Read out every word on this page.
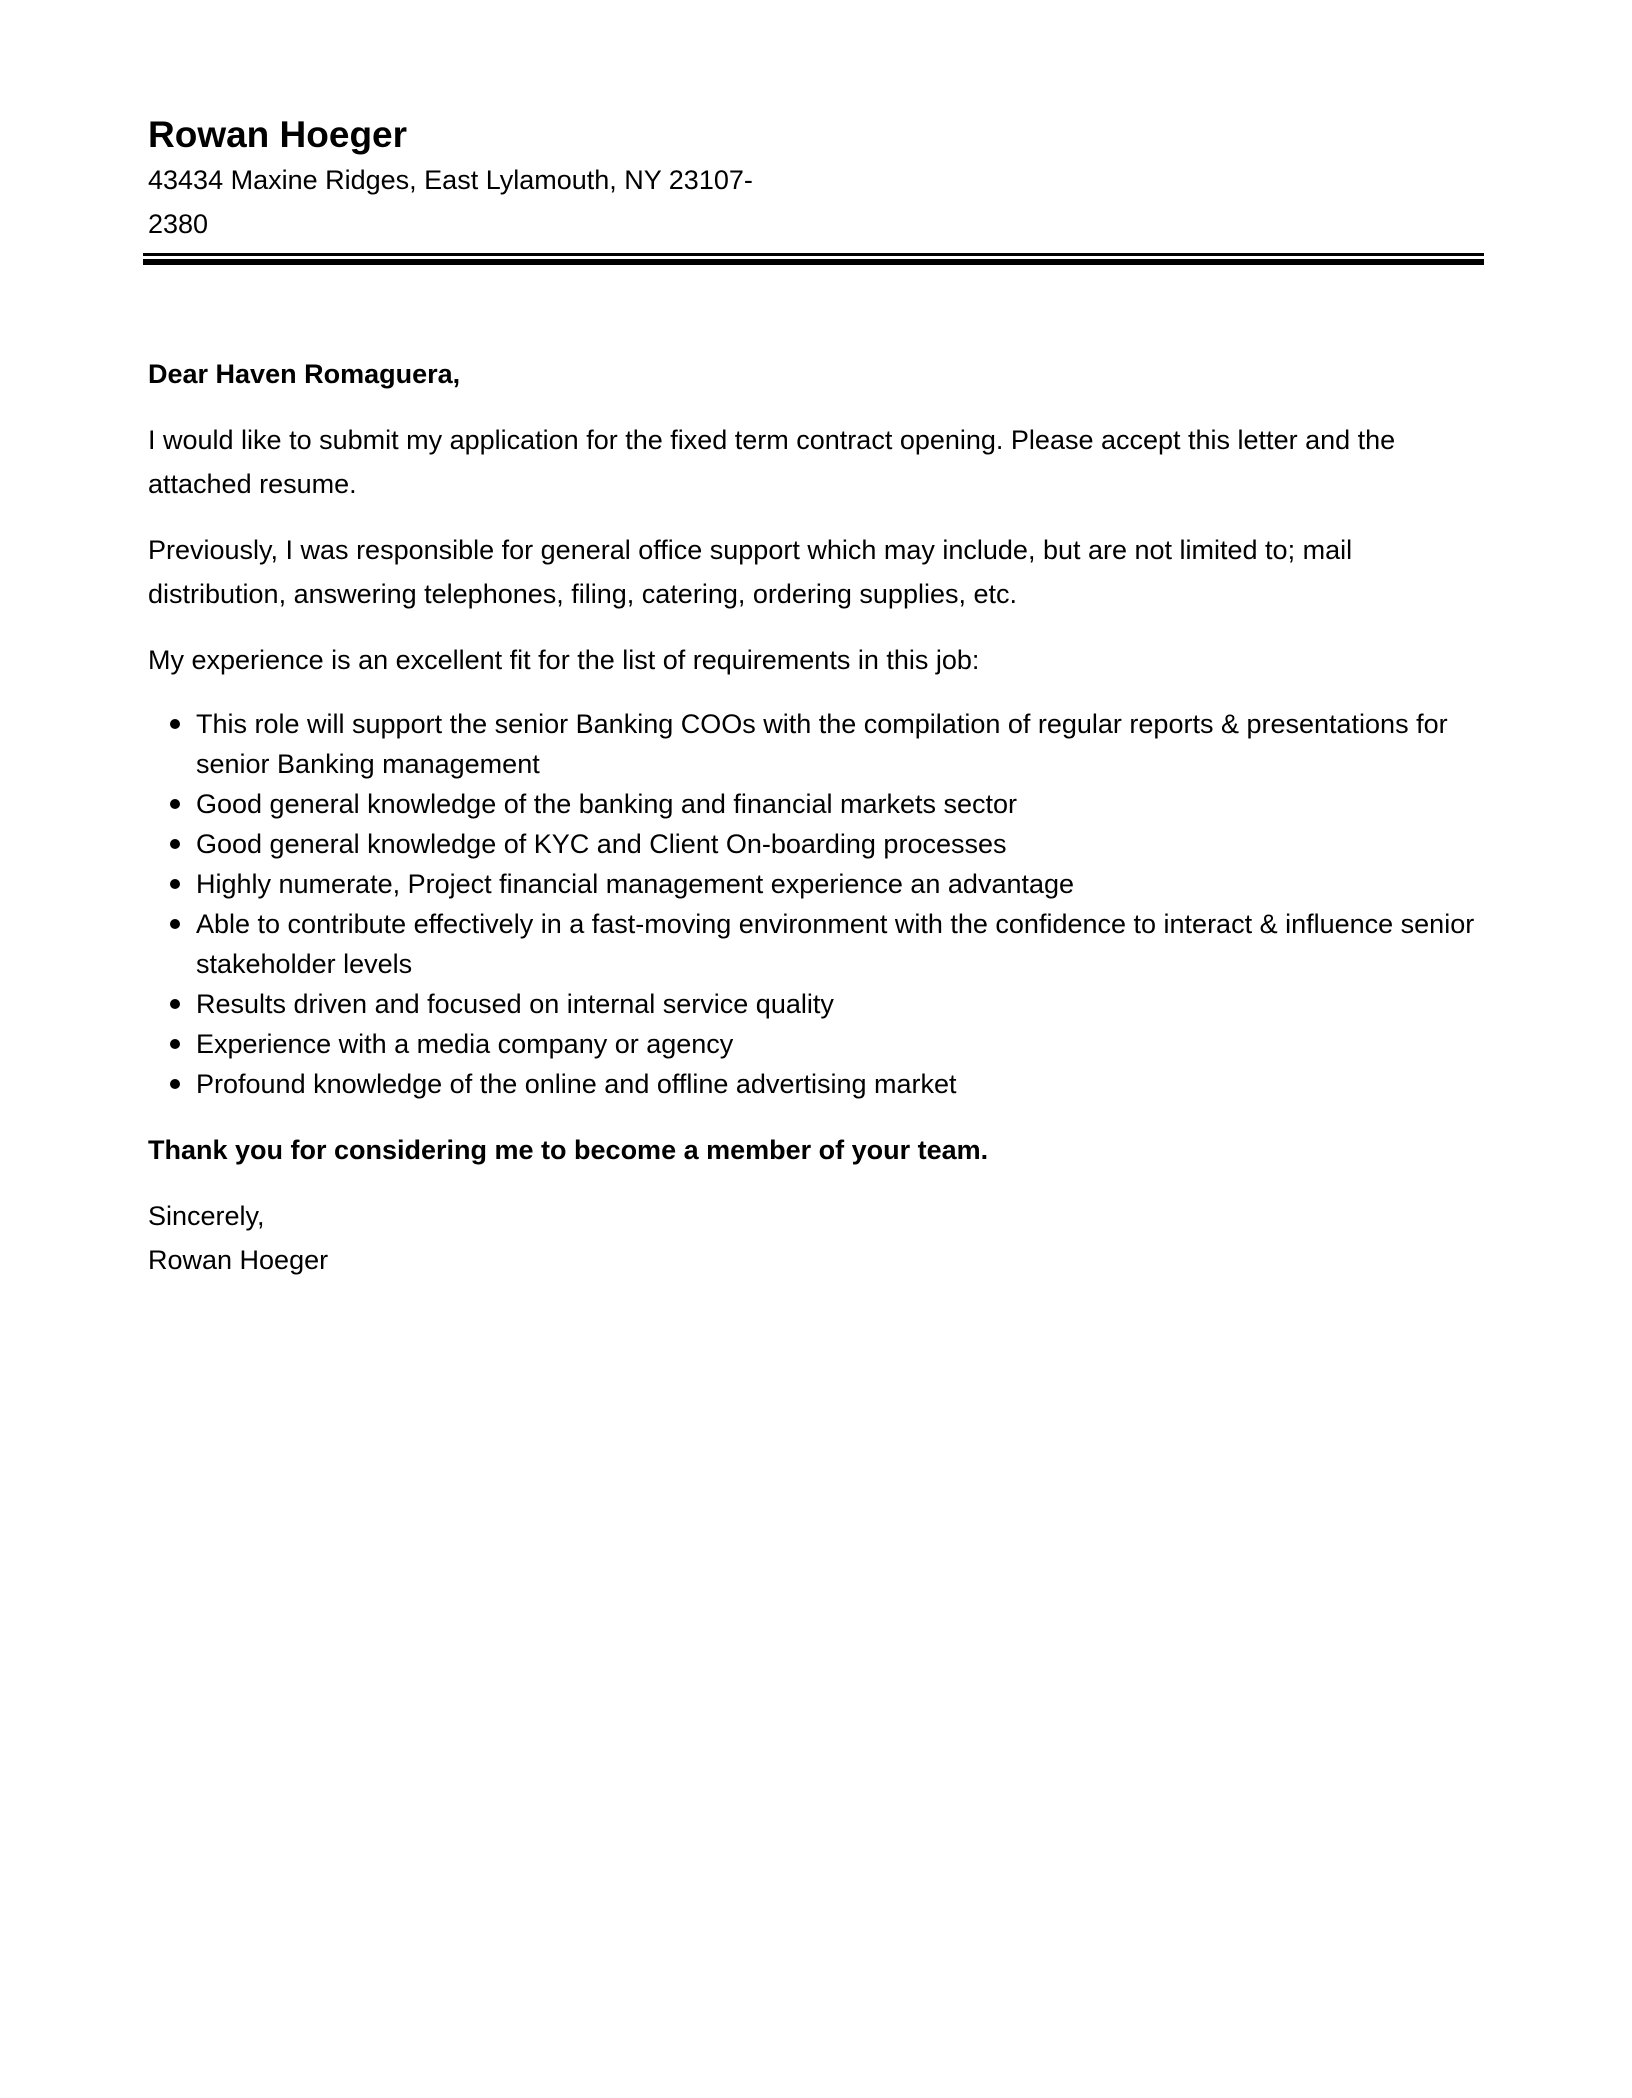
Rowan Hoeger

43434 Maxine Ridges, East Lylamouth, NY 23107-
2380

Dear Haven Romaguera,

I would like to submit my application for the fixed term contract opening. Please accept this letter and the attached resume.

Previously, I was responsible for general office support which may include, but are not limited to; mail distribution, answering telephones, filing, catering, ordering supplies, etc.

My experience is an excellent fit for the list of requirements in this job:

This role will support the senior Banking COOs with the compilation of regular reports & presentations for senior Banking management
Good general knowledge of the banking and financial markets sector
Good general knowledge of KYC and Client On-boarding processes
Highly numerate, Project financial management experience an advantage
Able to contribute effectively in a fast-moving environment with the confidence to interact & influence senior stakeholder levels
Results driven and focused on internal service quality
Experience with a media company or agency
Profound knowledge of the online and offline advertising market

Thank you for considering me to become a member of your team.

Sincerely,

Rowan Hoeger
